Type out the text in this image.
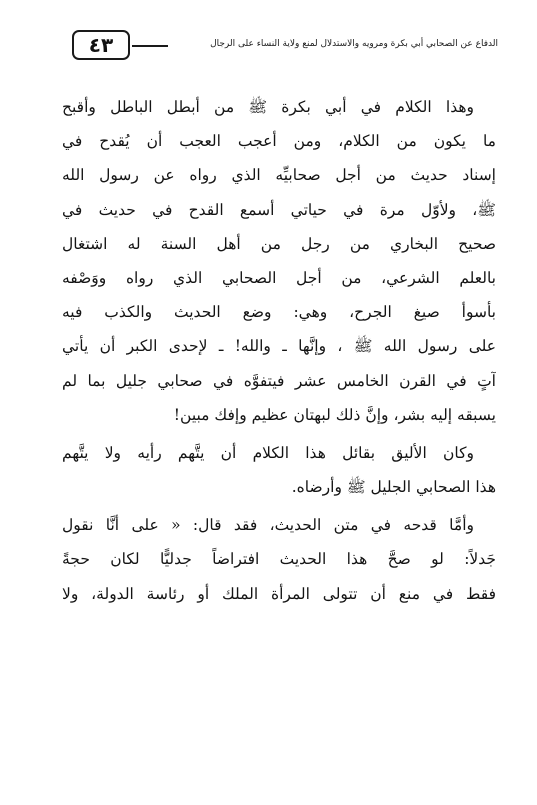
الدفاع عن الصحابي أبي بكرة ومرويه والاستدلال لمنع ولاية النساء على الرجال
٤٣
وهذا الكلام في أبي بكرة ﷺ من أبطل الباطل وأقبح
ما يكون من الكلام، ومن أعجب العجب أن يُقدح في
إسناد حديث من أجل صحابيِّه الذي رواه عن رسول الله
ﷺ، ولأوّل مرة في حياتي أسمع القدح في حديث في
صحيح البخاري من رجل من أهل السنة له اشتغال
بالعلم الشرعي، من أجل الصحابي الذي رواه ووَصْفه
بأسوأ صيغ الجرح، وهي: وضع الحديث والكذب فيه
على رسول الله ﷺ ، وإنَّها ـ والله! ـ لإحدى الكبر أن يأتي
آتٍ في القرن الخامس عشر فيتفوَّه في صحابي جليل بما لم
يسبقه إليه بشر، وإنَّ ذلك لبهتان عظيم وإفك مبين!
وكان الأليق بقائل هذا الكلام أن يتَّهم رأيه ولا يتَّهم
هذا الصحابي الجليل ﷺ وأرضاه.
وأمَّا قدحه في متن الحديث، فقد قال: « على أنَّا نقول
جَدلاً: لو صحَّ هذا الحديث افتراضاً جدليًّا لكان حجةً
فقط في منع أن تتولى المرأة الملك أو رئاسة الدولة، ولا
